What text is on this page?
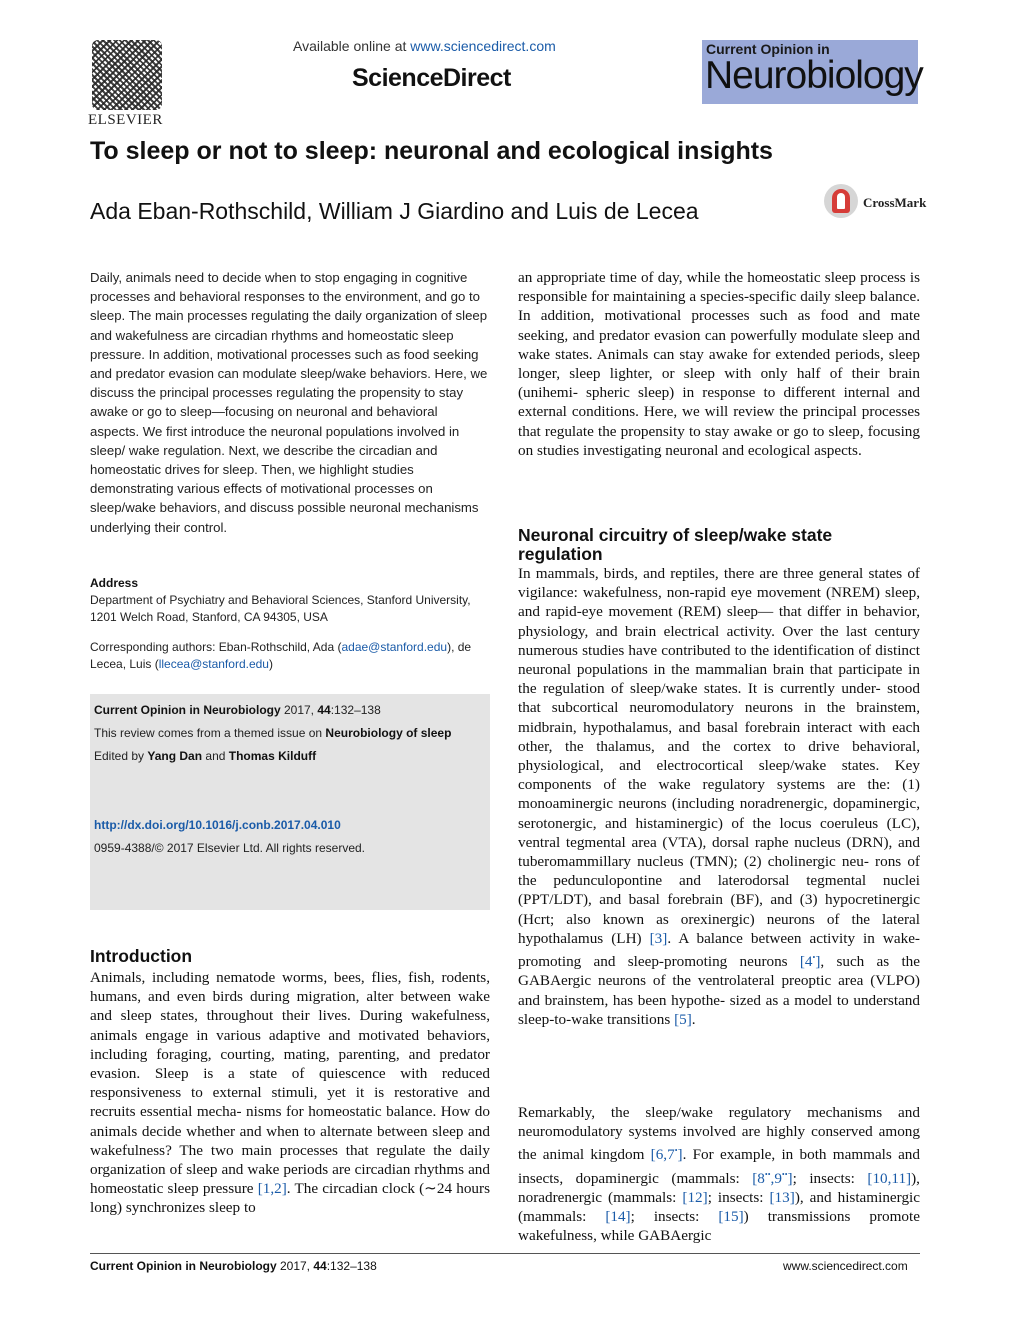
ELSEVIER
Available online at www.sciencedirect.com
ScienceDirect
Current Opinion in
Neurobiology
To sleep or not to sleep: neuronal and ecological insights
Ada Eban-Rothschild, William J Giardino and Luis de Lecea	CrossMark
Daily, animals need to decide when to stop engaging in cognitive processes and behavioral responses to the environment, and go to sleep. The main processes regulating the daily organization of sleep and wakefulness are circadian rhythms and homeostatic sleep pressure. In addition, motivational processes such as food seeking and predator evasion can modulate sleep/wake behaviors. Here, we discuss the principal processes regulating the propensity to stay awake or go to sleep—focusing on neuronal and behavioral aspects. We first introduce the neuronal populations involved in sleep/ wake regulation. Next, we describe the circadian and homeostatic drives for sleep. Then, we highlight studies demonstrating various effects of motivational processes on sleep/wake behaviors, and discuss possible neuronal mechanisms underlying their control.
Address
Department of Psychiatry and Behavioral Sciences, Stanford University, 1201 Welch Road, Stanford, CA 94305, USA
Corresponding authors: Eban-Rothschild, Ada (adae@stanford.edu), de Lecea, Luis (llecea@stanford.edu)
Current Opinion in Neurobiology 2017, 44:132–138
This review comes from a themed issue on Neurobiology of sleep
Edited by Yang Dan and Thomas Kilduff
http://dx.doi.org/10.1016/j.conb.2017.04.010
0959-4388/© 2017 Elsevier Ltd. All rights reserved.
Introduction
Animals, including nematode worms, bees, flies, fish, rodents, humans, and even birds during migration, alter between wake and sleep states, throughout their lives. During wakefulness, animals engage in various adaptive and motivated behaviors, including foraging, courting, mating, parenting, and predator evasion. Sleep is a state of quiescence with reduced responsiveness to external stimuli, yet it is restorative and recruits essential mecha- nisms for homeostatic balance. How do animals decide whether and when to alternate between sleep and wakefulness? The two main processes that regulate the daily organization of sleep and wake periods are circadian rhythms and homeostatic sleep pressure [1,2]. The circadian clock (∼24 hours long) synchronizes sleep to
an appropriate time of day, while the homeostatic sleep process is responsible for maintaining a species-specific daily sleep balance. In addition, motivational processes such as food and mate seeking, and predator evasion can powerfully modulate sleep and wake states. Animals can stay awake for extended periods, sleep longer, sleep lighter, or sleep with only half of their brain (unihemi- spheric sleep) in response to different internal and external conditions. Here, we will review the principal processes that regulate the propensity to stay awake or go to sleep, focusing on studies investigating neuronal and ecological aspects.
Neuronal circuitry of sleep/wake state regulation
In mammals, birds, and reptiles, there are three general states of vigilance: wakefulness, non-rapid eye movement (NREM) sleep, and rapid-eye movement (REM) sleep— that differ in behavior, physiology, and brain electrical activity. Over the last century numerous studies have contributed to the identification of distinct neuronal populations in the mammalian brain that participate in the regulation of sleep/wake states. It is currently under- stood that subcortical neuromodulatory neurons in the brainstem, midbrain, hypothalamus, and basal forebrain interact with each other, the thalamus, and the cortex to drive behavioral, physiological, and electrocortical sleep/wake states. Key components of the wake regulatory systems are the: (1) monoaminergic neurons (including noradrenergic, dopaminergic, serotonergic, and histaminergic) of the locus coeruleus (LC), ventral tegmental area (VTA), dorsal raphe nucleus (DRN), and tuberomammillary nucleus (TMN); (2) cholinergic neu- rons of the pedunculopontine and laterodorsal tegmental nuclei (PPT/LDT), and basal forebrain (BF), and (3) hypocretinergic (Hcrt; also known as orexinergic) neurons of the lateral hypothalamus (LH) [3]. A balance between activity in wake-promoting and sleep-promoting neurons [4•], such as the GABAergic neurons of the ventrolateral preoptic area (VLPO) and brainstem, has been hypothe- sized as a model to understand sleep-to-wake transitions [5].
Remarkably, the sleep/wake regulatory mechanisms and neuromodulatory systems involved are highly conserved among the animal kingdom [6,7•]. For example, in both mammals and insects, dopaminergic (mammals: [8••,9••]; insects: [10,11]), noradrenergic (mammals: [12]; insects: [13]), and histaminergic (mammals: [14]; insects: [15]) transmissions promote wakefulness, while GABAergic
Current Opinion in Neurobiology 2017, 44:132–138	www.sciencedirect.com
